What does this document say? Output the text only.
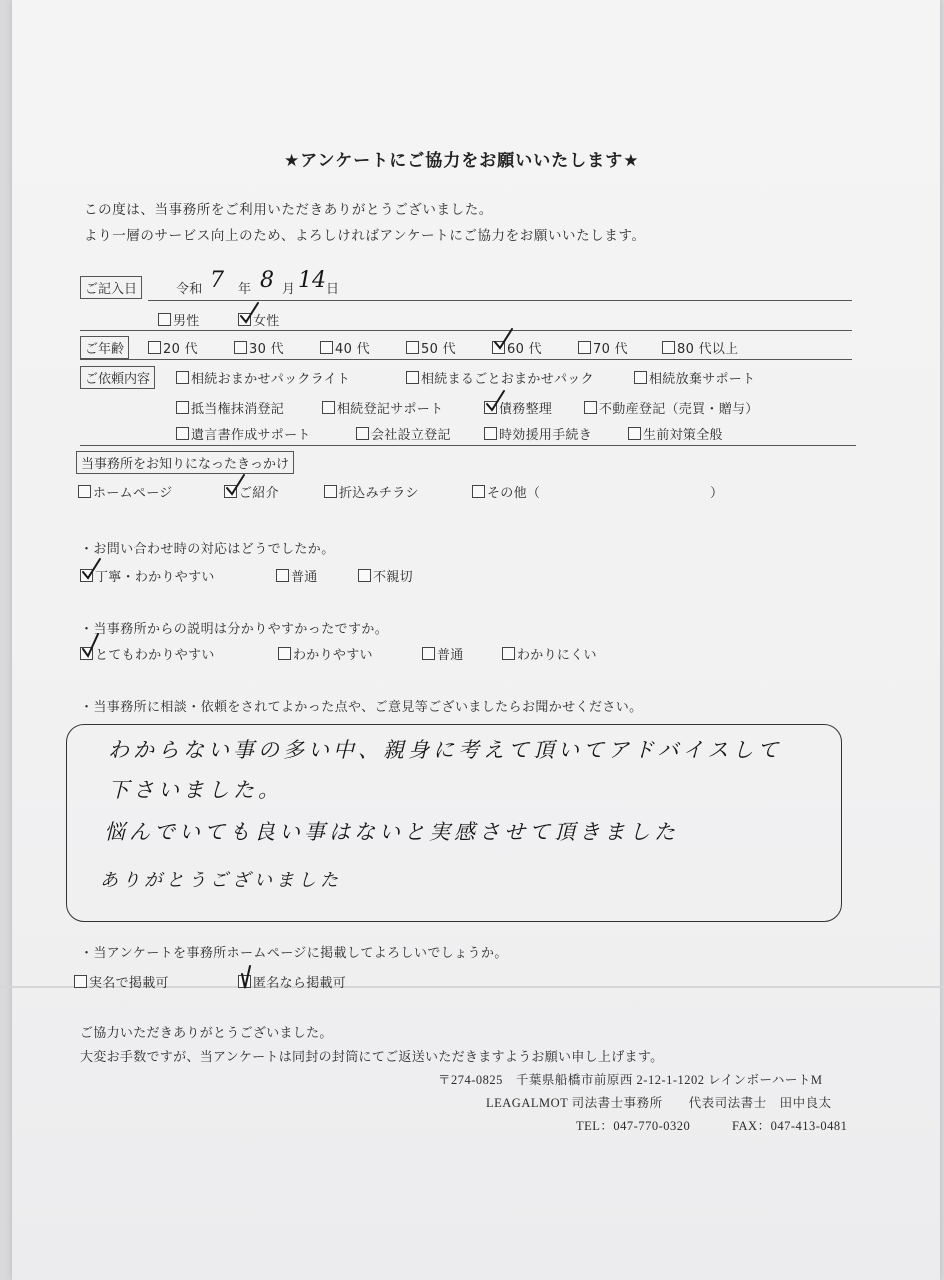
★アンケートにご協力をお願いいたします★
この度は、当事務所をご利用いただきありがとうございました。
より一層のサービス向上のため、よろしければアンケートにご協力をお願いいたします。
ご記入日	令和 7 年 8 月 14 日
男性	女性
ご年齢	20 代	30 代	40 代	50 代	60 代	70 代	80 代以上
ご依頼内容	相続おまかせパックライト	相続まるごとおまかせパック	相続放棄サポート
抵当権抹消登記	相続登記サポート	債務整理	不動産登記（売買・贈与）
遺言書作成サポート	会社設立登記	時効援用手続き	生前対策全般
当事務所をお知りになったきっかけ
ホームページ	ご紹介	折込みチラシ	その他（	）
・お問い合わせ時の対応はどうでしたか。
丁寧・わかりやすい	普通	不親切
・当事務所からの説明は分かりやすかったですか。
とてもわかりやすい	わかりやすい	普通	わかりにくい
・当事務所に相談・依頼をされてよかった点や、ご意見等ございましたらお聞かせください。
わからない事の多い中、親身に考えて頂いてアドバイスして
下さいました。
悩んでいても良い事はないと実感させて頂きました
ありがとうございました
・当アンケートを事務所ホームページに掲載してよろしいでしょうか。
実名で掲載可	匿名なら掲載可
ご協力いただきありがとうございました。
大変お手数ですが、当アンケートは同封の封筒にてご返送いただきますようお願い申し上げます。
〒274-0825　千葉県船橋市前原西 2-12-1-1202 レインボーハートM
LEAGALMOT 司法書士事務所　　代表司法書士　田中良太
TEL：047-770-0320	FAX：047-413-0481
